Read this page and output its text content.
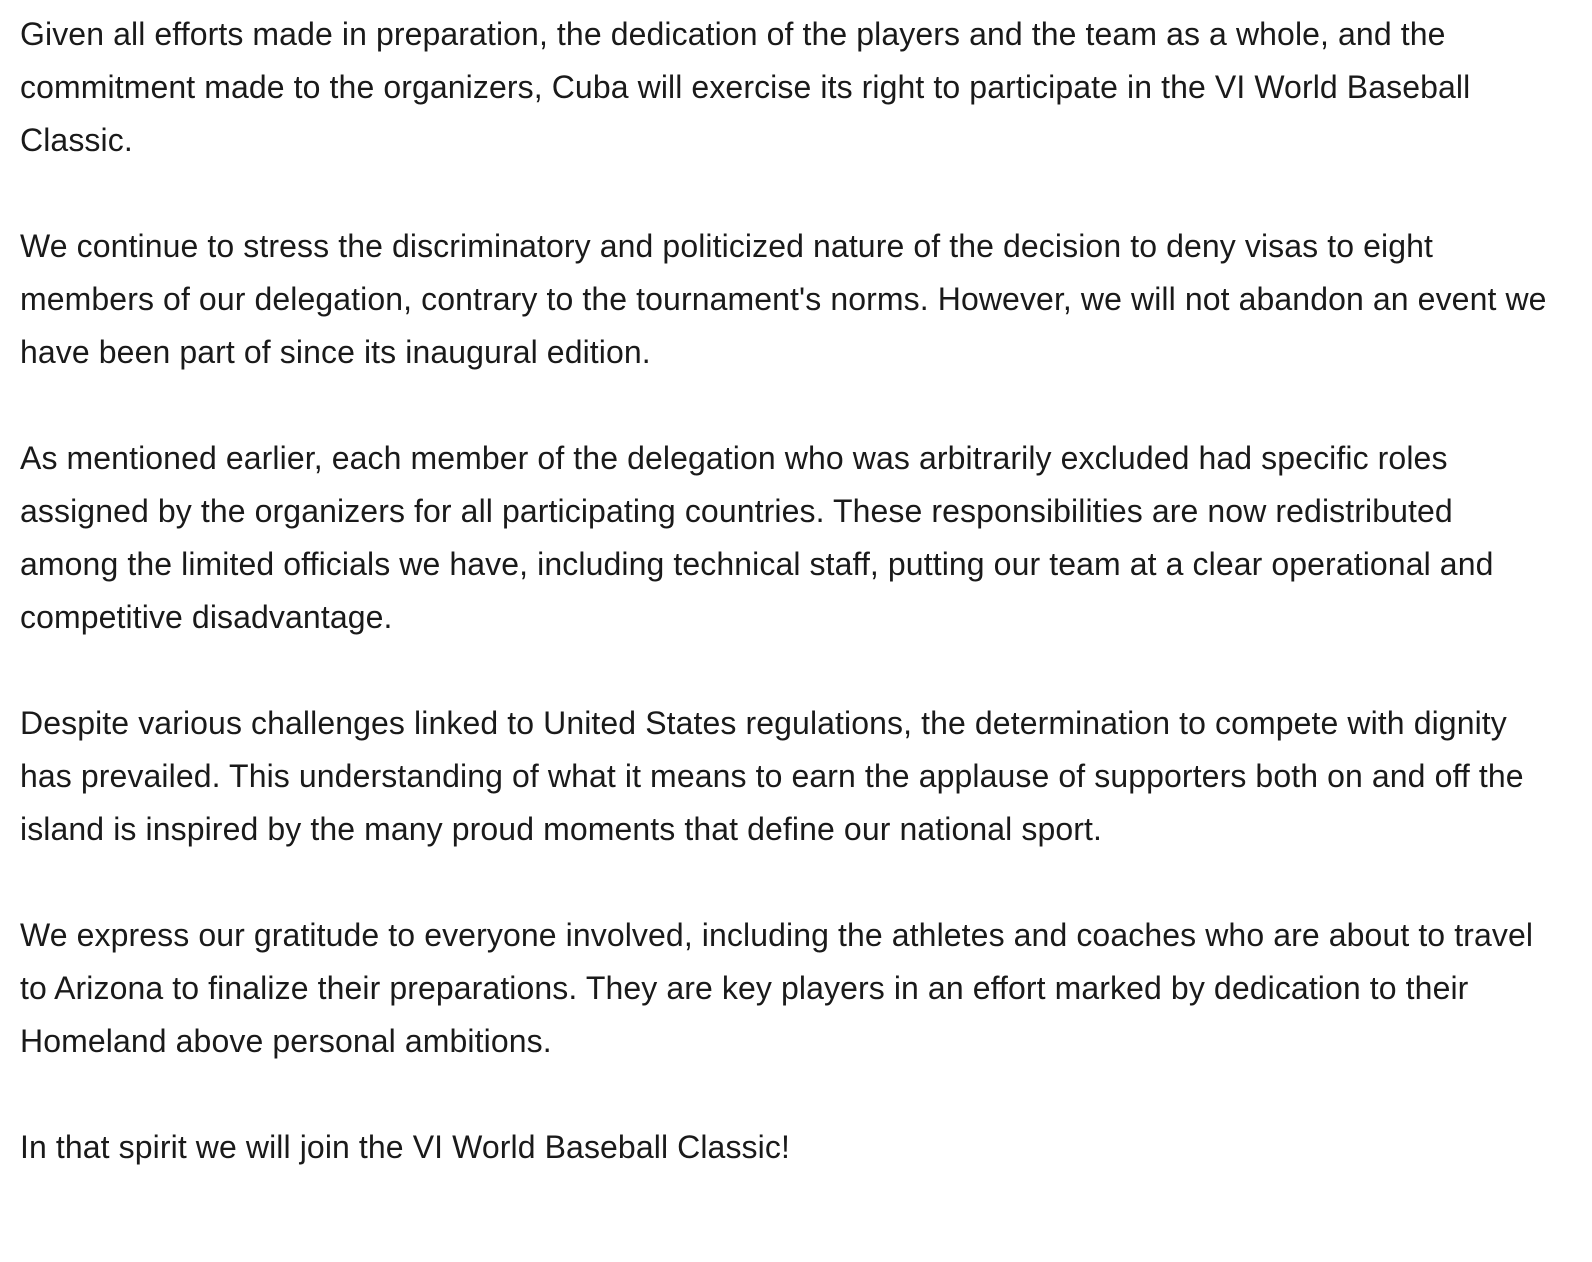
Given all efforts made in preparation, the dedication of the players and the team as a whole, and the commitment made to the organizers, Cuba will exercise its right to participate in the VI World Baseball Classic.

We continue to stress the discriminatory and politicized nature of the decision to deny visas to eight members of our delegation, contrary to the tournament's norms. However, we will not abandon an event we have been part of since its inaugural edition.

As mentioned earlier, each member of the delegation who was arbitrarily excluded had specific roles assigned by the organizers for all participating countries. These responsibilities are now redistributed among the limited officials we have, including technical staff, putting our team at a clear operational and competitive disadvantage.

Despite various challenges linked to United States regulations, the determination to compete with dignity has prevailed. This understanding of what it means to earn the applause of supporters both on and off the island is inspired by the many proud moments that define our national sport.

We express our gratitude to everyone involved, including the athletes and coaches who are about to travel to Arizona to finalize their preparations. They are key players in an effort marked by dedication to their Homeland above personal ambitions.

In that spirit we will join the VI World Baseball Classic!
